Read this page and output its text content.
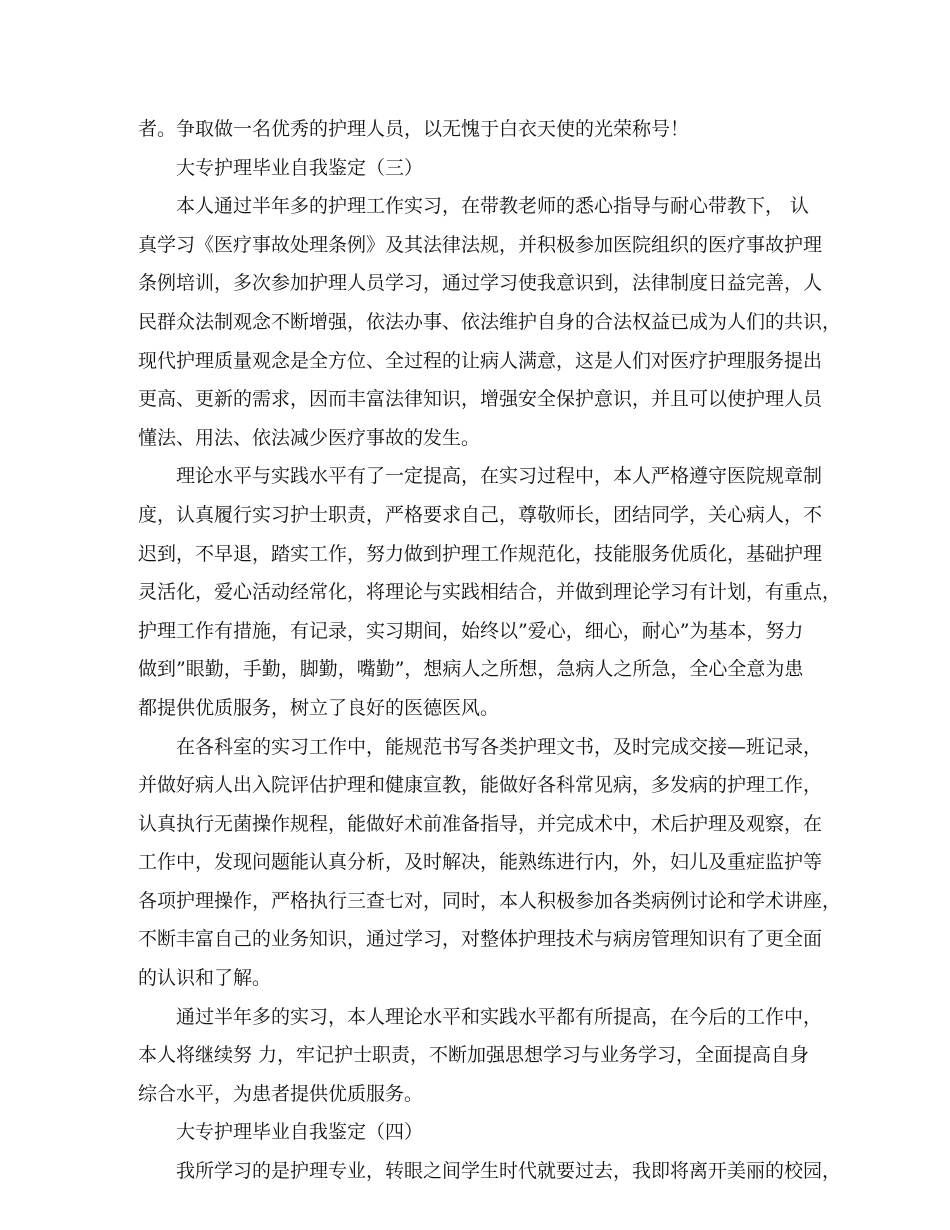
者。争取做一名优秀的护理人员，以无愧于白衣天使的光荣称号！
大专护理毕业自我鉴定（三）
本人通过半年多的护理工作实习，在带教老师的悉心指导与耐心带教下， 认
真学习《医疗事故处理条例》及其法律法规，并积极参加医院组织的医疗事故护理
条例培训，多次参加护理人员学习，通过学习使我意识到，法律制度日益完善，人
民群众法制观念不断增强，依法办事、依法维护自身的合法权益已成为人们的共识，
现代护理质量观念是全方位、全过程的让病人满意，这是人们对医疗护理服务提出
更高、更新的需求，因而丰富法律知识，增强安全保护意识，并且可以使护理人员
懂法、用法、依法减少医疗事故的发生。
理论水平与实践水平有了一定提高，在实习过程中，本人严格遵守医院规章制
度，认真履行实习护士职责，严格要求自己，尊敬师长，团结同学，关心病人，不
迟到，不早退，踏实工作，努力做到护理工作规范化，技能服务优质化，基础护理
灵活化，爱心活动经常化，将理论与实践相结合，并做到理论学习有计划，有重点，
护理工作有措施，有记录，实习期间，始终以”爱心，细心，耐心”为基本，努力
做到”眼勤，手勤，脚勤，嘴勤”，想病人之所想，急病人之所急，全心全意为患
都提供优质服务，树立了良好的医德医风。
在各科室的实习工作中，能规范书写各类护理文书，及时完成交接—班记录，
并做好病人出入院评估护理和健康宣教，能做好各科常见病，多发病的护理工作，
认真执行无菌操作规程，能做好术前准备指导，并完成术中，术后护理及观察，在
工作中，发现问题能认真分析，及时解决，能熟练进行内，外，妇儿及重症监护等
各项护理操作，严格执行三查七对，同时，本人积极参加各类病例讨论和学术讲座，
不断丰富自己的业务知识，通过学习，对整体护理技术与病房管理知识有了更全面
的认识和了解。
通过半年多的实习，本人理论水平和实践水平都有所提高，在今后的工作中，
本人将继续努 力，牢记护士职责，不断加强思想学习与业务学习，全面提高自身
综合水平，为患者提供优质服务。
大专护理毕业自我鉴定（四）
我所学习的是护理专业，转眼之间学生时代就要过去，我即将离开美丽的校园，
